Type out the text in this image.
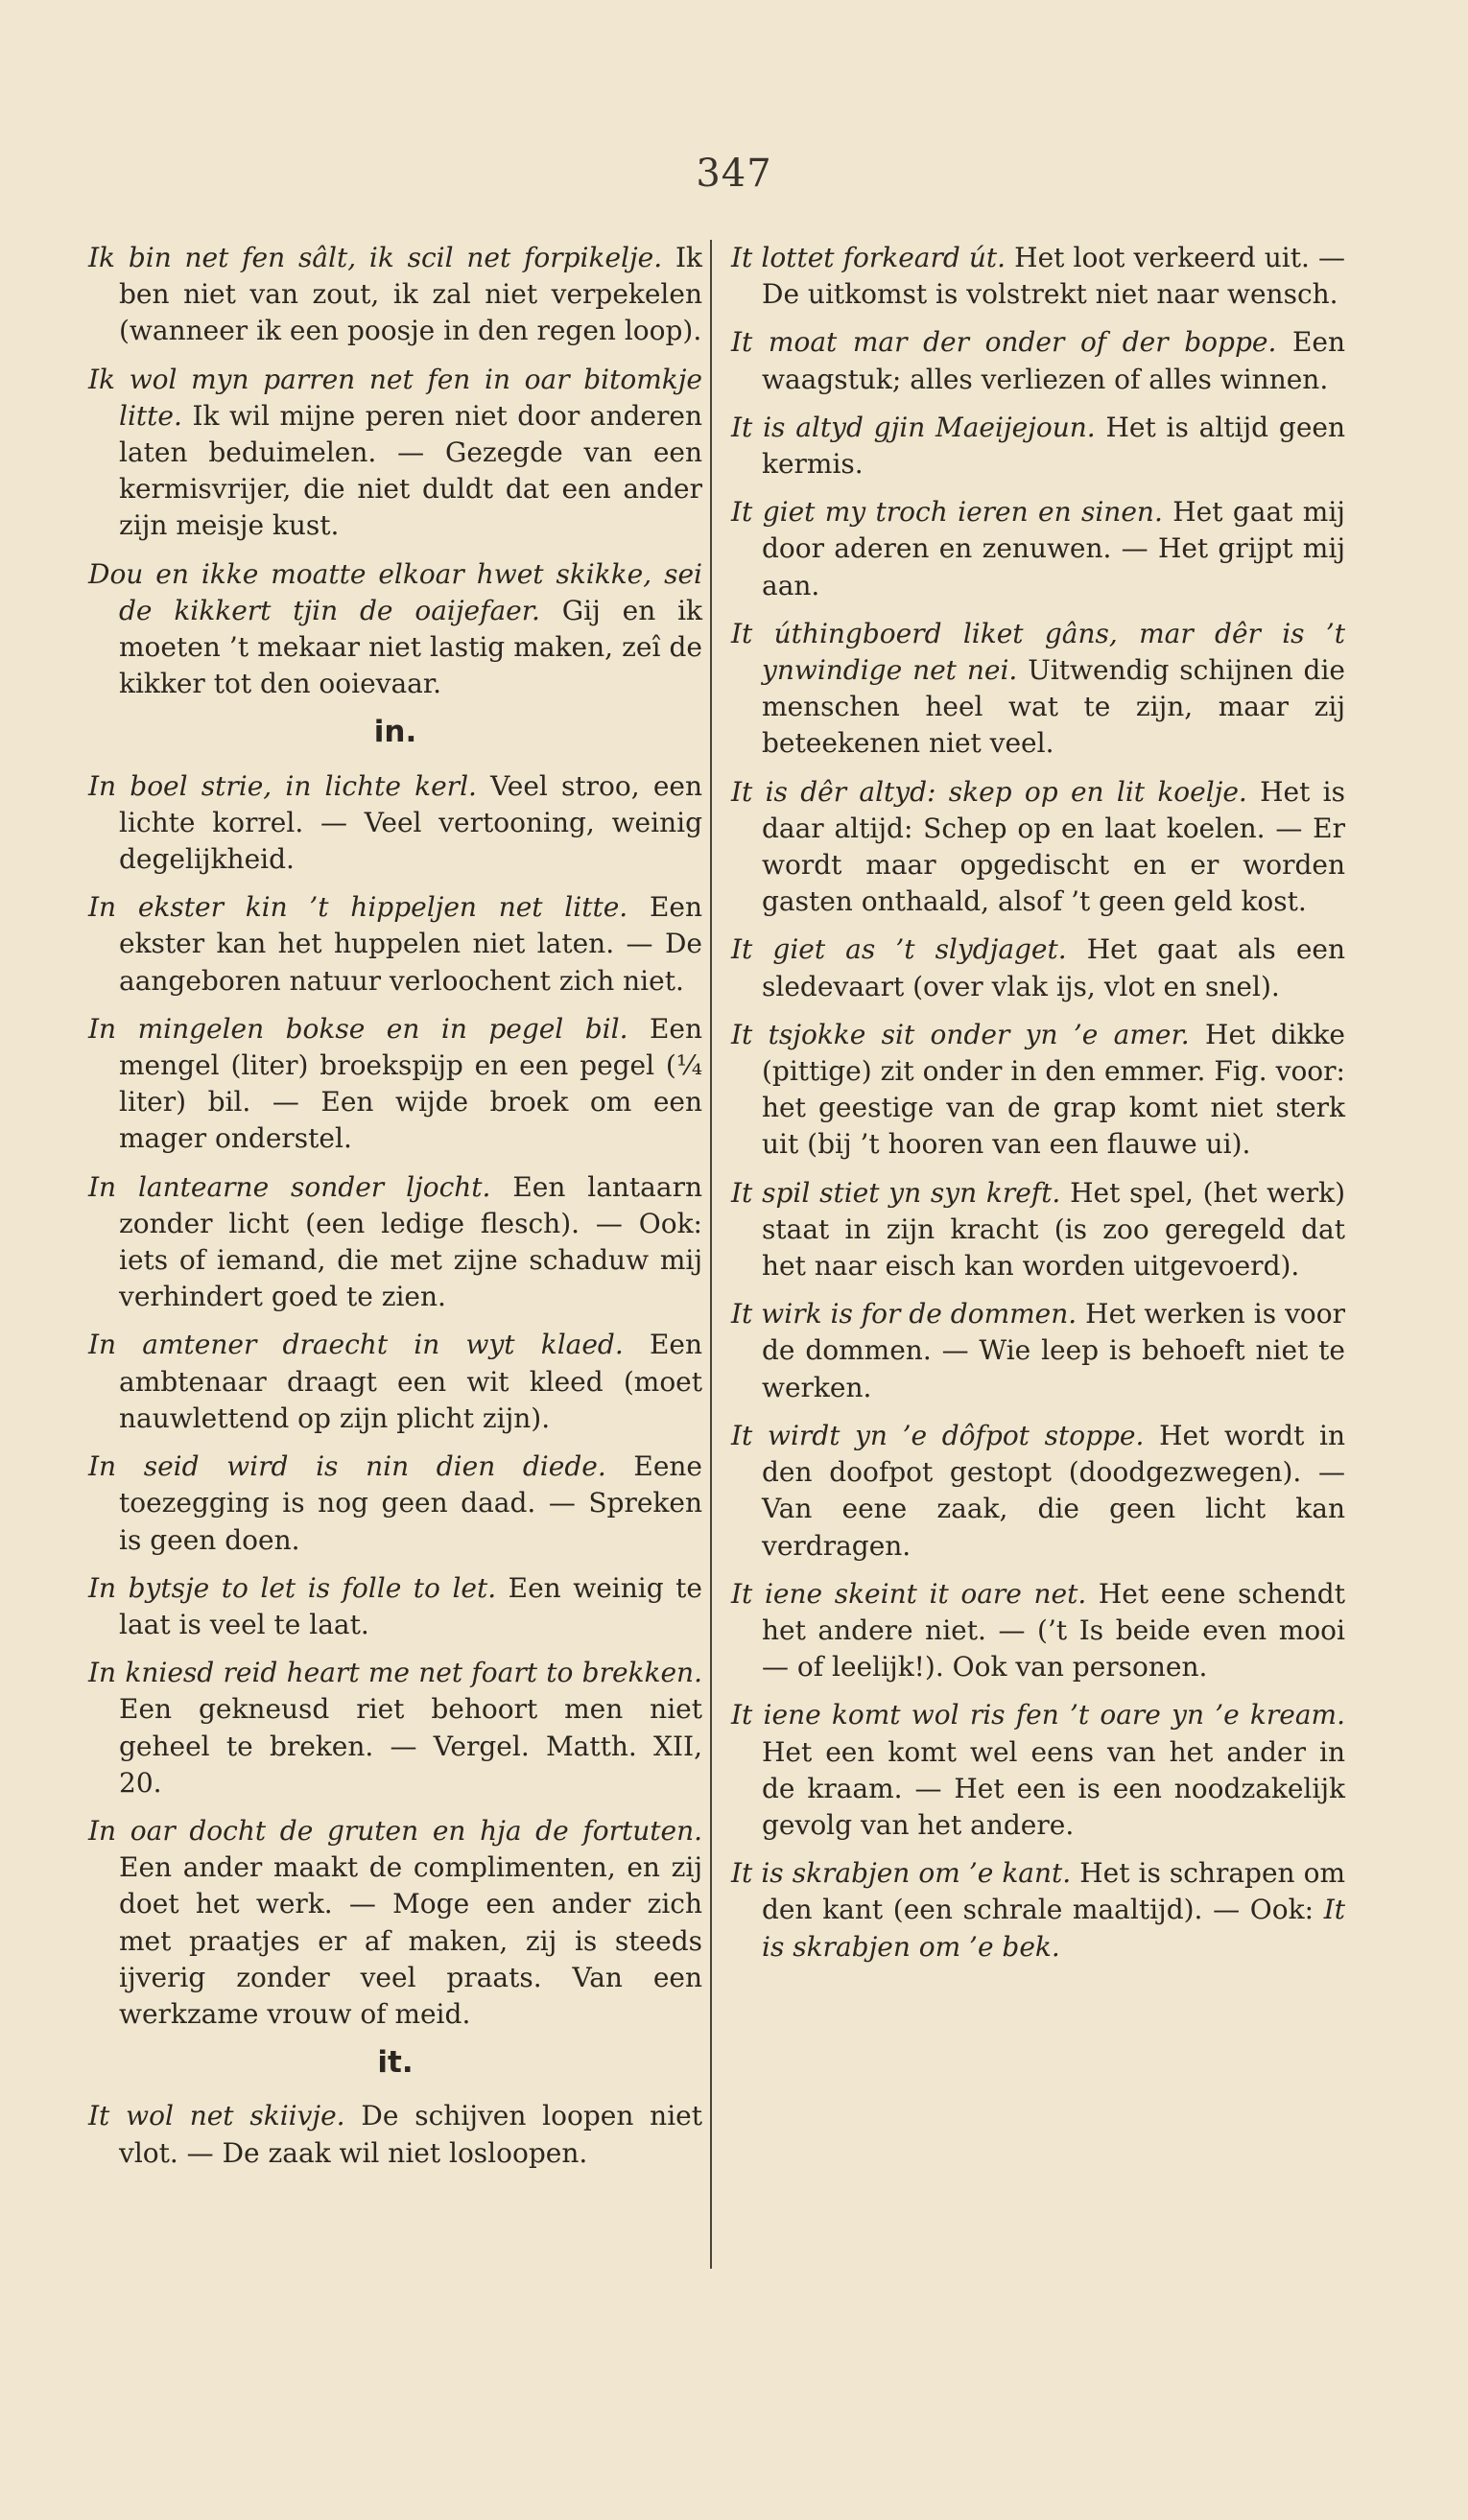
347

Ik bin net fen sâlt, ik scil net forpikelje. Ik ben niet van zout, ik zal niet verpekelen (wanneer ik een poosje in den regen loop).

Ik wol myn parren net fen in oar bitomkje litte. Ik wil mijne peren niet door anderen laten beduimelen. — Gezegde van een kermisvrijer, die niet duldt dat een ander zijn meisje kust.

Dou en ikke moatte elkoar hwet skikke, sei de kikkert tjin de oaijefaer. Gij en ik moeten ’t mekaar niet lastig maken, zeî de kikker tot den ooievaar.

in.

In boel strie, in lichte kerl. Veel stroo, een lichte korrel. — Veel vertooning, weinig degelijkheid.

In ekster kin ’t hippeljen net litte. Een ekster kan het huppelen niet laten. — De aangeboren natuur verloochent zich niet.

In mingelen bokse en in pegel bil. Een mengel (liter) broekspijp en een pegel (¼ liter) bil. — Een wijde broek om een mager onderstel.

In lantearne sonder ljocht. Een lantaarn zonder licht (een ledige flesch). — Ook: iets of iemand, die met zijne schaduw mij verhindert goed te zien.

In amtener draecht in wyt klaed. Een ambtenaar draagt een wit kleed (moet nauwlettend op zijn plicht zijn).

In seid wird is nin dien diede. Eene toezegging is nog geen daad. — Spreken is geen doen.

In bytsje to let is folle to let. Een weinig te laat is veel te laat.

In kniesd reid heart me net foart to brekken. Een gekneusd riet behoort men niet geheel te breken. — Vergel. Matth. XII, 20.

In oar docht de gruten en hja de fortuten. Een ander maakt de complimenten, en zij doet het werk. — Moge een ander zich met praatjes er af maken, zij is steeds ijverig zonder veel praats. Van een werkzame vrouw of meid.

it.

It wol net skiivje. De schijven loopen niet vlot. — De zaak wil niet losloopen.

It lottet forkeard út. Het loot verkeerd uit. — De uitkomst is volstrekt niet naar wensch.

It moat mar der onder of der boppe. Een waagstuk; alles verliezen of alles winnen.

It is altyd gjin Maeijejoun. Het is altijd geen kermis.

It giet my troch ieren en sinen. Het gaat mij door aderen en zenuwen. — Het grijpt mij aan.

It úthingboerd liket gâns, mar dêr is ’t ynwindige net nei. Uitwendig schijnen die menschen heel wat te zijn, maar zij beteekenen niet veel.

It is dêr altyd: skep op en lit koelje. Het is daar altijd: Schep op en laat koelen. — Er wordt maar opgedischt en er worden gasten onthaald, alsof ’t geen geld kost.

It giet as ’t slydjaget. Het gaat als een sledevaart (over vlak ijs, vlot en snel).

It tsjokke sit onder yn ’e amer. Het dikke (pittige) zit onder in den emmer. Fig. voor: het geestige van de grap komt niet sterk uit (bij ’t hooren van een flauwe ui).

It spil stiet yn syn kreft. Het spel, (het werk) staat in zijn kracht (is zoo geregeld dat het naar eisch kan worden uitgevoerd).

It wirk is for de dommen. Het werken is voor de dommen. — Wie leep is behoeft niet te werken.

It wirdt yn ’e dôfpot stoppe. Het wordt in den doofpot gestopt (doodgezwegen). — Van eene zaak, die geen licht kan verdragen.

It iene skeint it oare net. Het eene schendt het andere niet. — (’t Is beide even mooi — of leelijk!). Ook van personen.

It iene komt wol ris fen ’t oare yn ’e kream. Het een komt wel eens van het ander in de kraam. — Het een is een noodzakelijk gevolg van het andere.

It is skrabjen om ’e kant. Het is schrapen om den kant (een schrale maaltijd). — Ook: It is skrabjen om ’e bek.
